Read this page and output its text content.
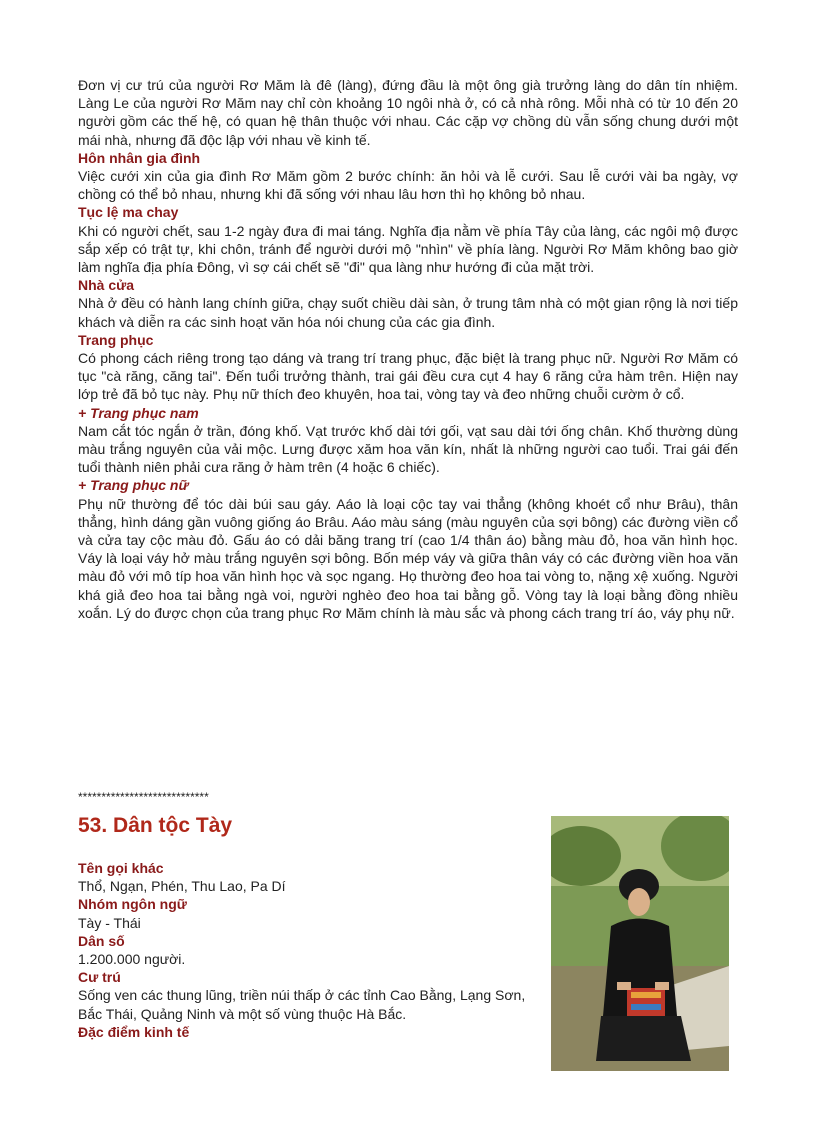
Đơn vị cư trú của người Rơ Măm là đê (làng), đứng đầu là một ông già trưởng làng do dân tín nhiệm. Làng Le của người Rơ Măm nay chỉ còn khoảng 10 ngôi nhà ở, có cả nhà rông. Mỗi nhà có từ 10 đến 20 người gồm các thế hệ, có quan hệ thân thuộc với nhau. Các cặp vợ chồng dù vẫn sống chung dưới một mái nhà, nhưng đã độc lập với nhau về kinh tế.

Hôn nhân gia đình

Việc cưới xin của gia đình Rơ Măm gồm 2 bước chính: ăn hỏi và lễ cưới. Sau lễ cưới vài ba ngày, vợ chồng có thể bỏ nhau, nhưng khi đã sống với nhau lâu hơn thì họ không bỏ nhau.

Tục lệ ma chay

Khi có người chết, sau 1-2 ngày đưa đi mai táng. Nghĩa địa nằm về phía Tây của làng, các ngôi mộ được sắp xếp có trật tự, khi chôn, tránh để người dưới mộ "nhìn" về phía làng. Người Rơ Măm không bao giờ làm nghĩa địa phía Đông, vì sợ cái chết sẽ "đi" qua làng như hướng đi của mặt trời.

Nhà cửa

Nhà ở đều có hành lang chính giữa, chạy suốt chiều dài sàn, ở trung tâm nhà có một gian rộng là nơi tiếp khách và diễn ra các sinh hoạt văn hóa nói chung của các gia đình.

Trang phục

Có phong cách riêng trong tạo dáng và trang trí trang phục, đặc biệt là trang phục nữ. Người Rơ Măm có tục "cà răng, căng tai". Đến tuổi trưởng thành, trai gái đều cưa cụt 4 hay 6 răng cửa hàm trên. Hiện nay lớp trẻ đã bỏ tục này. Phụ nữ thích đeo khuyên, hoa tai, vòng tay và đeo những chuỗi cườm ở cổ.

+ Trang phục nam

Nam cắt tóc ngắn ở trần, đóng khố. Vạt trước khố dài tới gối, vạt sau dài tới ống chân. Khố thường dùng màu trắng nguyên của vải mộc. Lưng được xăm hoa văn kín, nhất là những người cao tuổi. Trai gái đến tuổi thành niên phải cưa răng ở hàm trên (4 hoặc 6 chiếc).

+ Trang phục nữ

Phụ nữ thường để tóc dài búi sau gáy. Aáo là loại cộc tay vai thẳng (không khoét cổ như Brâu), thân thẳng, hình dáng gần vuông giống áo Brâu. Aáo màu sáng (màu nguyên của sợi bông) các đường viền cổ và cửa tay cộc màu đỏ. Gấu áo có dải băng trang trí (cao 1/4 thân áo) bằng màu đỏ, hoa văn hình học. Váy là loại váy hở màu trắng nguyên sợi bông. Bốn mép váy và giữa thân váy có các đường viền hoa văn màu đỏ với mô típ hoa văn hình học và sọc ngang. Họ thường đeo hoa tai vòng to, nặng xệ xuống. Người khá giả đeo hoa tai bằng ngà voi, người nghèo đeo hoa tai bằng gỗ. Vòng tay là loại bằng đồng nhiều xoắn. Lý do được chọn của trang phục Rơ Măm chính là màu sắc và phong cách trang trí áo, váy phụ nữ.

****************************
53. Dân tộc Tày
Tên gọi khác

Thổ, Ngạn, Phén, Thu Lao, Pa Dí

Nhóm ngôn ngữ

Tày - Thái

Dân số

1.200.000 người.

Cư trú

Sống ven các thung lũng, triền núi thấp ở các tỉnh Cao Bằng, Lạng Sơn, Bắc Thái, Quảng Ninh và một số vùng thuộc Hà Bắc.

Đặc điểm kinh tế
